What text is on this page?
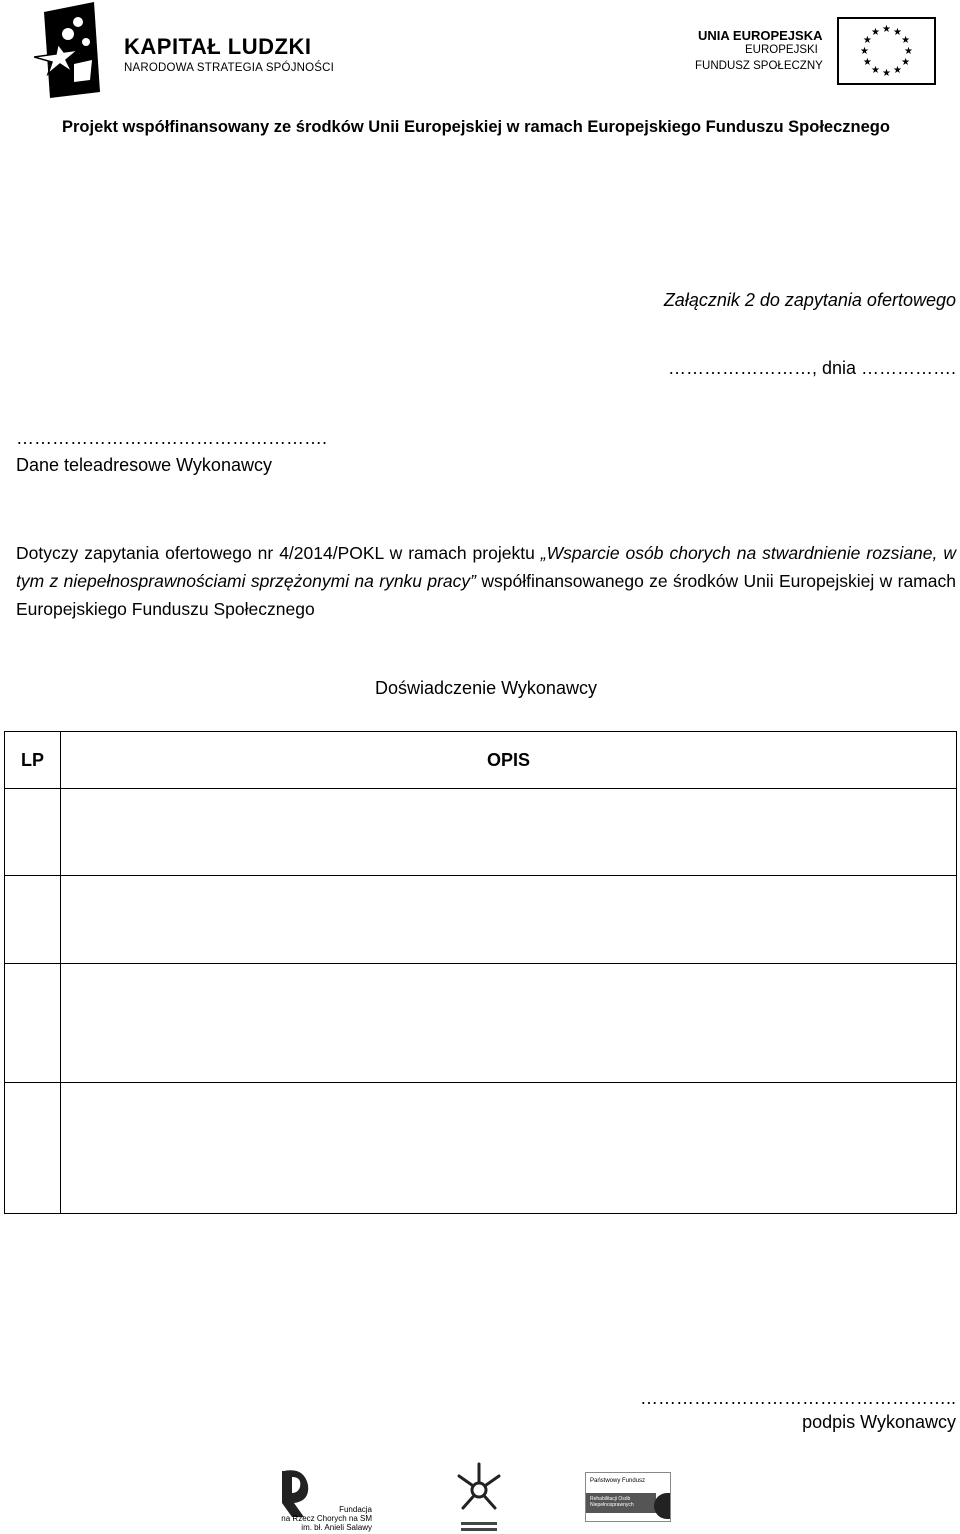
KAPITAŁ LUDZKI
NARODOWA STRATEGIA SPÓJNOŚCI
UNIA EUROPEJSKA
EUROPEJSKI
FUNDUSZ SPOŁECZNY
★ ★
★
★
★
★
★
★
★
★
★
★
Projekt współfinansowany ze środków Unii Europejskiej w ramach Europejskiego Funduszu Społecznego
Załącznik 2 do zapytania ofertowego
……………………, dnia …………….
…………………………………………….
Dane teleadresowe Wykonawcy
Dotyczy zapytania ofertowego nr 4/2014/POKL w ramach projektu „Wsparcie osób chorych na stwardnienie rozsiane, w tym z niepełnosprawnościami sprzężonymi na rynku pracy” współfinansowanego ze środków Unii Europejskiej w ramach Europejskiego Funduszu Społecznego
Doświadczenie Wykonawcy
LP	OPIS

……………………………………………..
podpis Wykonawcy
Fundacja
na Rzecz Chorych na SM
im. bł. Anieli Salawy
Państwowy Fundusz
Rehabilitacji Osób Niepełnosprawnych
